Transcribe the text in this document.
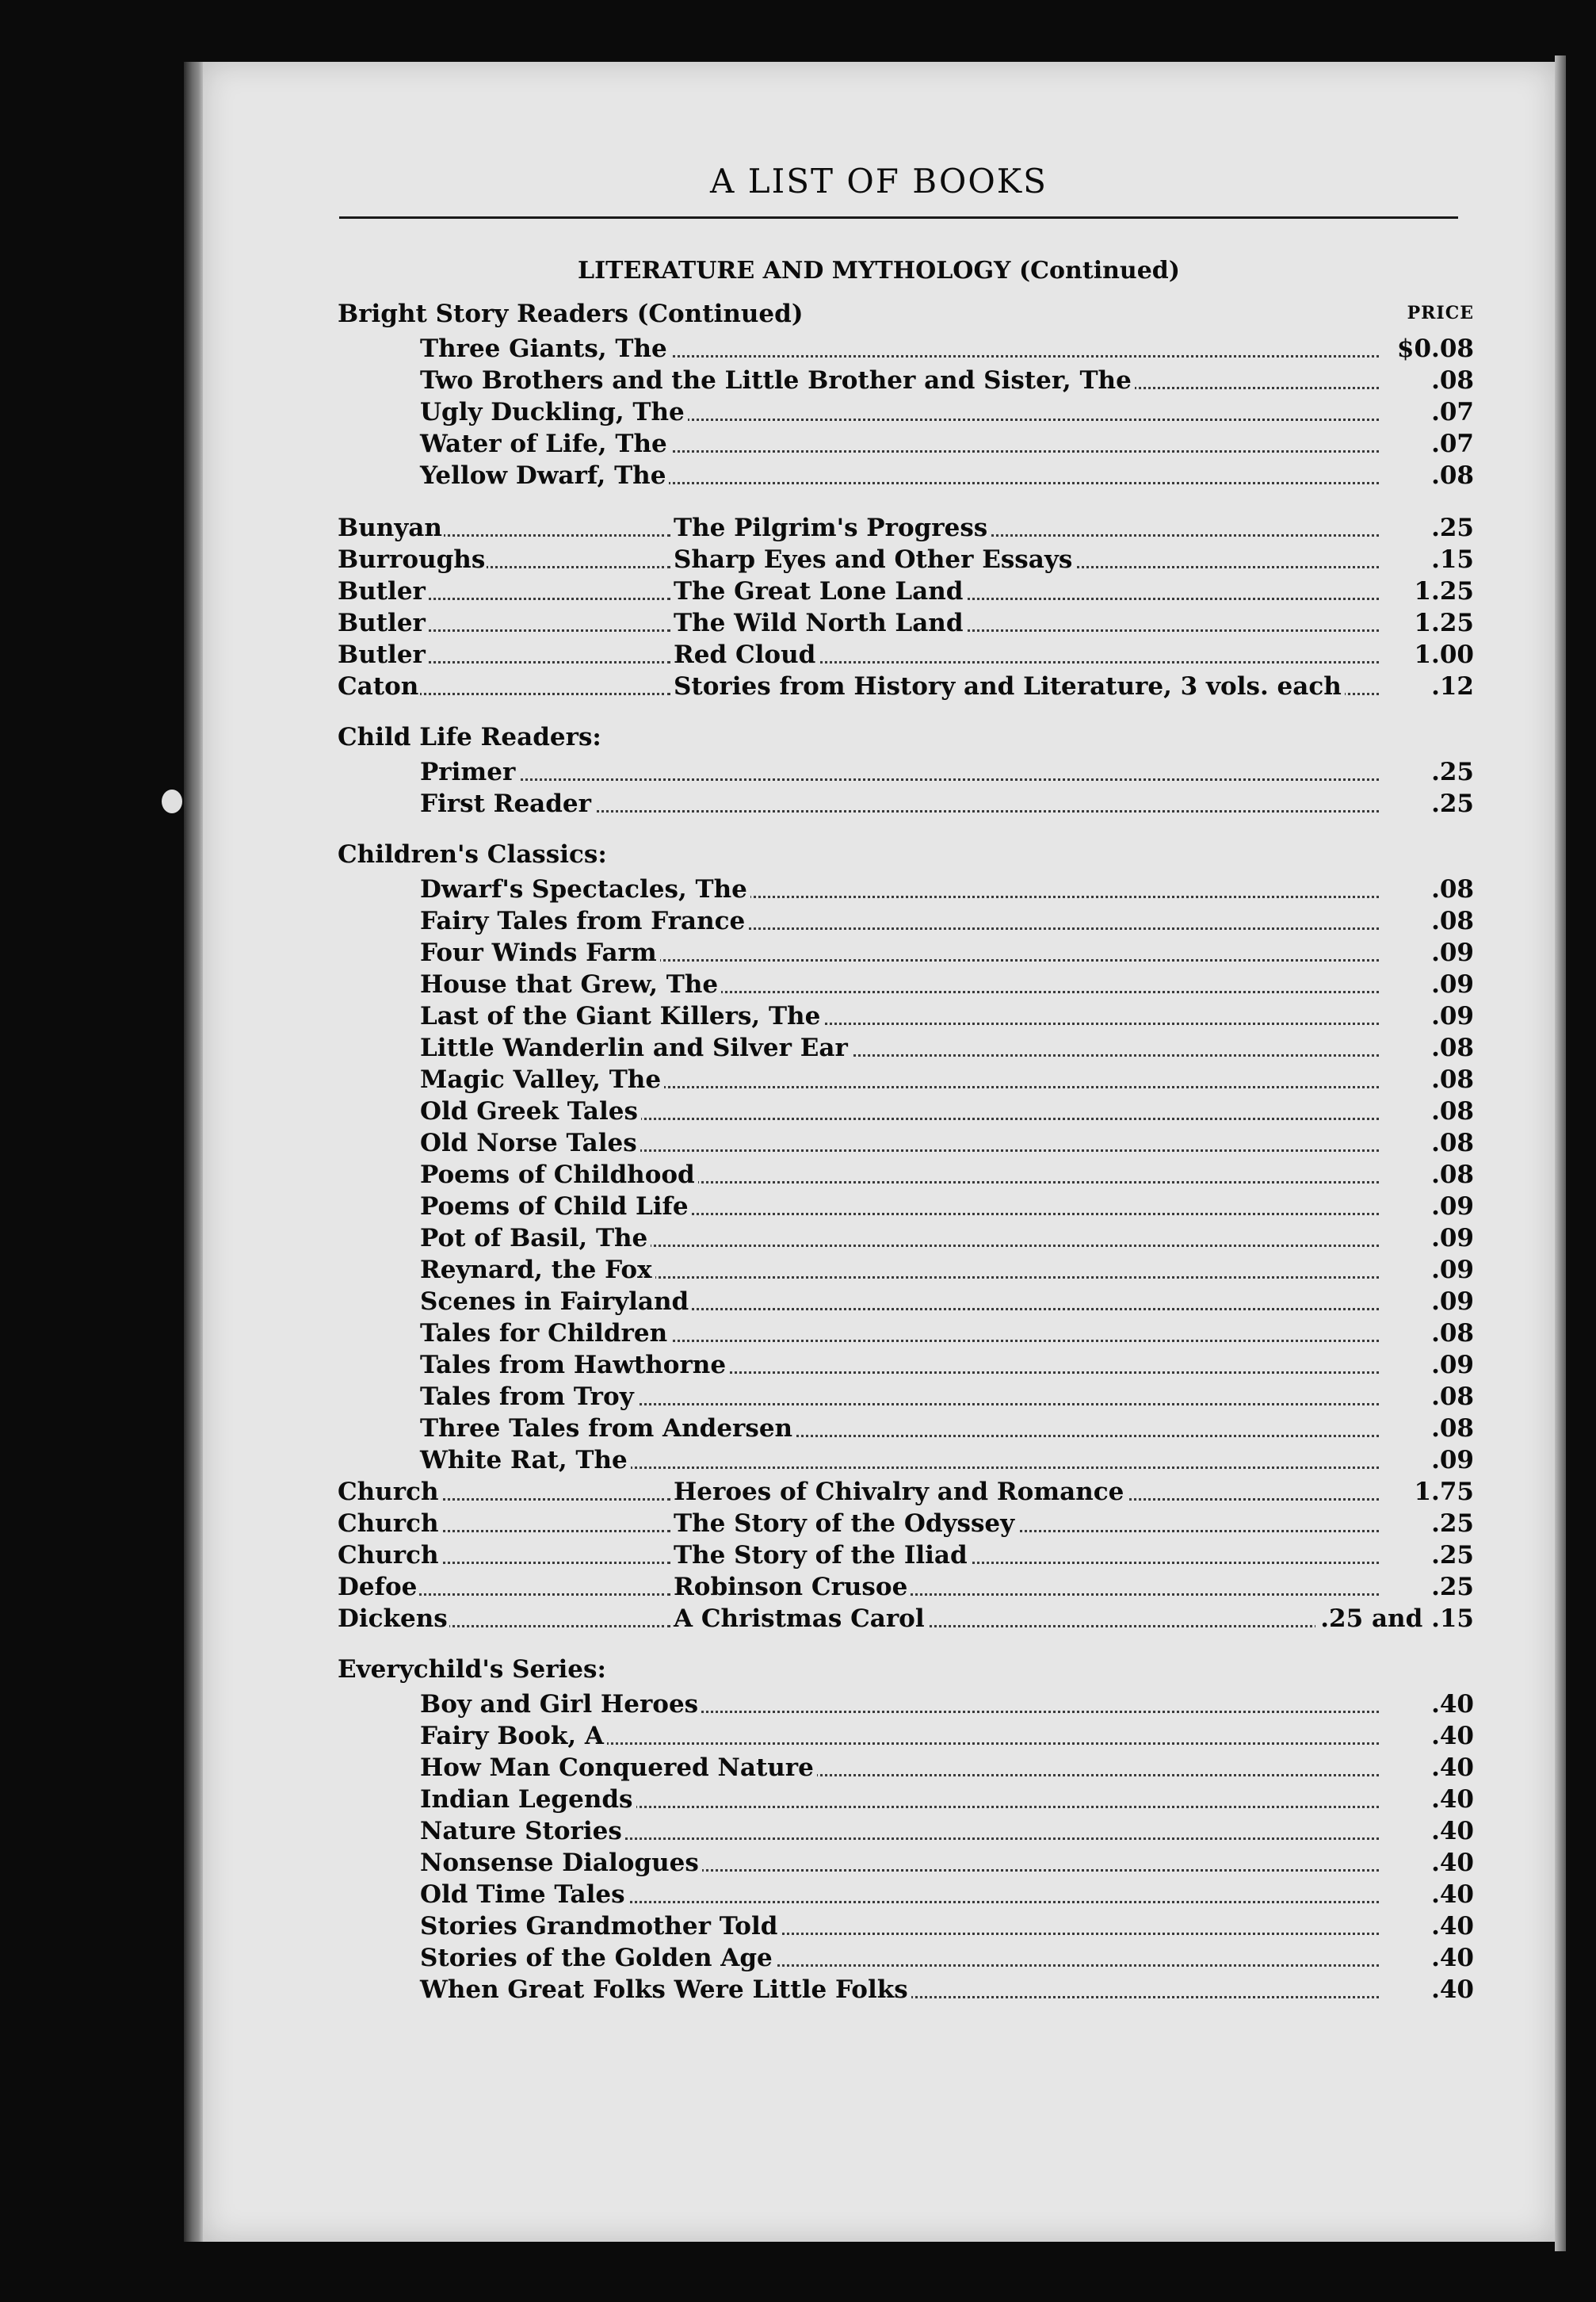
A LIST OF BOOKS
LITERATURE AND MYTHOLOGY (Continued)
Bright Story Readers (Continued)	PRICE
Three Giants, The	$0.08
Two Brothers and the Little Brother and Sister, The	.08
Ugly Duckling, The	.07
Water of Life, The	.07
Yellow Dwarf, The	.08
Bunyan	The Pilgrim's Progress	.25
Burroughs	Sharp Eyes and Other Essays	.15
Butler	The Great Lone Land	1.25
Butler	The Wild North Land	1.25
Butler	Red Cloud	1.00
Caton	Stories from History and Literature, 3 vols. each	.12
Child Life Readers:
Primer	.25
First Reader	.25
Children's Classics:
Dwarf's Spectacles, The	.08
Fairy Tales from France	.08
Four Winds Farm	.09
House that Grew, The	.09
Last of the Giant Killers, The	.09
Little Wanderlin and Silver Ear	.08
Magic Valley, The	.08
Old Greek Tales	.08
Old Norse Tales	.08
Poems of Childhood	.08
Poems of Child Life	.09
Pot of Basil, The	.09
Reynard, the Fox	.09
Scenes in Fairyland	.09
Tales for Children	.08
Tales from Hawthorne	.09
Tales from Troy	.08
Three Tales from Andersen	.08
White Rat, The	.09
Church	Heroes of Chivalry and Romance	1.75
Church	The Story of the Odyssey	.25
Church	The Story of the Iliad	.25
Defoe	Robinson Crusoe	.25
Dickens	A Christmas Carol	.25 and .15
Everychild's Series:
Boy and Girl Heroes	.40
Fairy Book, A	.40
How Man Conquered Nature	.40
Indian Legends	.40
Nature Stories	.40
Nonsense Dialogues	.40
Old Time Tales	.40
Stories Grandmother Told	.40
Stories of the Golden Age	.40
When Great Folks Were Little Folks	.40
